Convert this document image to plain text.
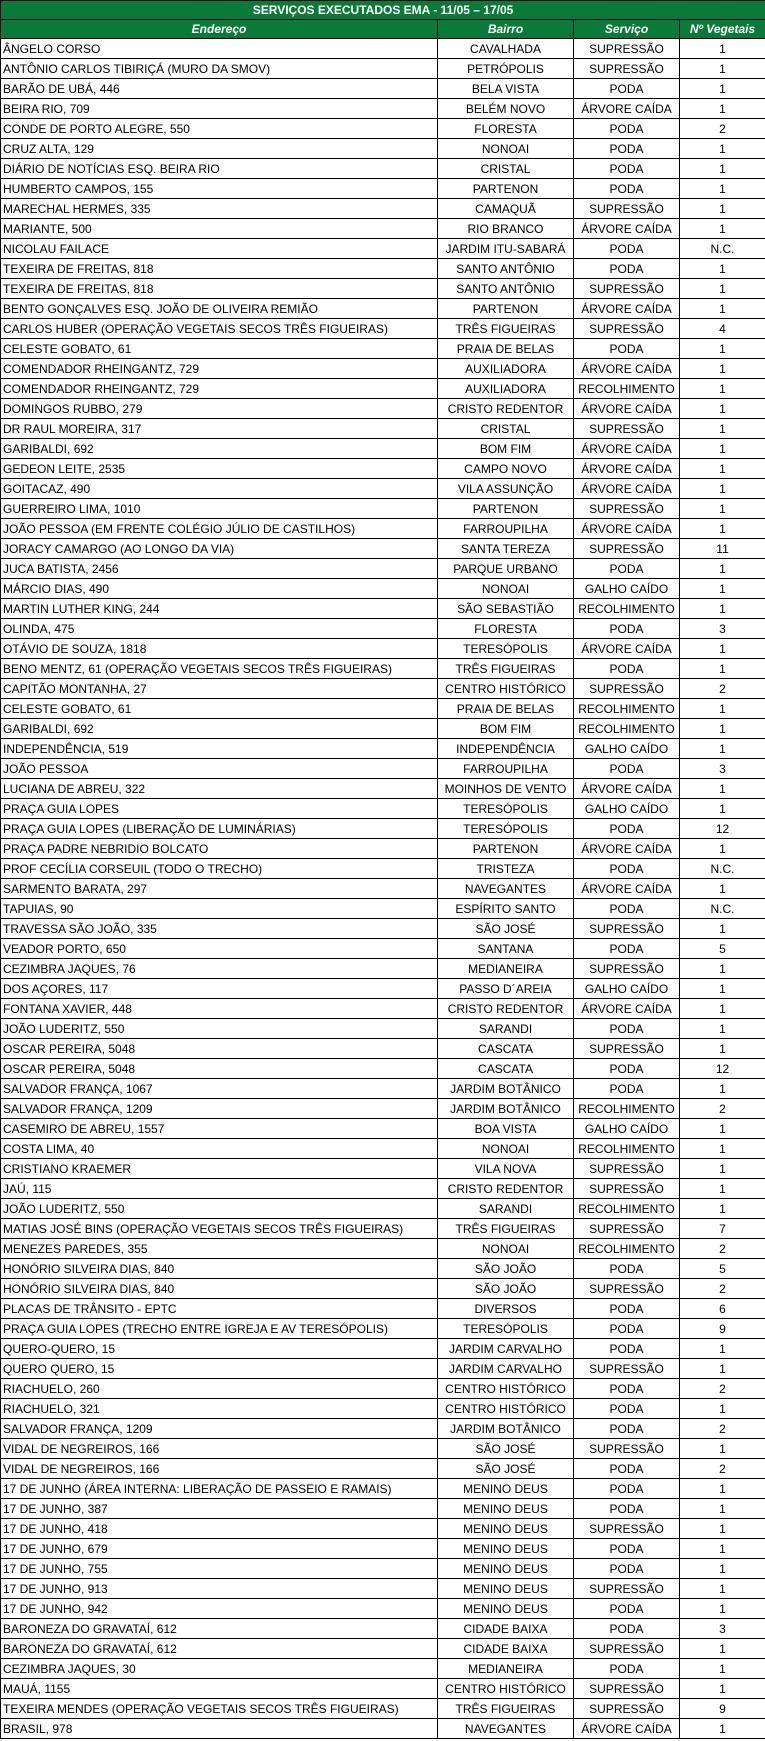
SERVIÇOS EXECUTADOS EMA - 11/05 – 17/05			
Endereço	Bairro	Serviço	Nº Vegetais
ÂNGELO CORSO	CAVALHADA	SUPRESSÃO	1
ANTÔNIO CARLOS TIBIRIÇÁ (MURO DA SMOV)	PETRÓPOLIS	SUPRESSÃO	1
BARÃO DE UBÁ, 446	BELA VISTA	PODA	1
BEIRA RIO, 709	BELÉM NOVO	ÁRVORE CAÍDA	1
CONDE DE PORTO ALEGRE, 550	FLORESTA	PODA	2
CRUZ ALTA, 129	NONOAI	PODA	1
DIÁRIO DE NOTÍCIAS ESQ. BEIRA RIO	CRISTAL	PODA	1
HUMBERTO CAMPOS, 155	PARTENON	PODA	1
MARECHAL HERMES, 335	CAMAQUÃ	SUPRESSÃO	1
MARIANTE, 500	RIO BRANCO	ÁRVORE CAÍDA	1
NICOLAU FAILACE	JARDIM ITU-SABARÁ	PODA	N.C.
TEXEIRA DE FREITAS, 818	SANTO ANTÔNIO	PODA	1
TEXEIRA DE FREITAS, 818	SANTO ANTÔNIO	SUPRESSÃO	1
BENTO GONÇALVES ESQ. JOÃO DE OLIVEIRA REMIÃO	PARTENON	ÁRVORE CAÍDA	1
CARLOS HUBER (OPERAÇÃO VEGETAIS SECOS TRÊS FIGUEIRAS)	TRÊS FIGUEIRAS	SUPRESSÃO	4
CELESTE GOBATO, 61	PRAIA DE BELAS	PODA	1
COMENDADOR RHEINGANTZ, 729	AUXILIADORA	ÁRVORE CAÍDA	1
COMENDADOR RHEINGANTZ, 729	AUXILIADORA	RECOLHIMENTO	1
DOMINGOS RUBBO, 279	CRISTO REDENTOR	ÁRVORE CAÍDA	1
DR RAUL MOREIRA, 317	CRISTAL	SUPRESSÃO	1
GARIBALDI, 692	BOM FIM	ÁRVORE CAÍDA	1
GEDEON LEITE, 2535	CAMPO NOVO	ÁRVORE CAÍDA	1
GOITACAZ, 490	VILA ASSUNÇÃO	ÁRVORE CAÍDA	1
GUERREIRO LIMA, 1010	PARTENON	SUPRESSÃO	1
JOÃO PESSOA (EM FRENTE COLÉGIO JÚLIO DE CASTILHOS)	FARROUPILHA	ÁRVORE CAÍDA	1
JORACY CAMARGO (AO LONGO DA VIA)	SANTA TEREZA	SUPRESSÃO	11
JUCA BATISTA, 2456	PARQUE URBANO	PODA	1
MÁRCIO DIAS, 490	NONOAI	GALHO CAÍDO	1
MARTIN LUTHER KING, 244	SÃO SEBASTIÃO	RECOLHIMENTO	1
OLINDA, 475	FLORESTA	PODA	3
OTÁVIO DE SOUZA, 1818	TERESÓPOLIS	ÁRVORE CAÍDA	1
BENO MENTZ, 61 (OPERAÇÃO VEGETAIS SECOS TRÊS FIGUEIRAS)	TRÊS FIGUEIRAS	PODA	1
CAPITÃO MONTANHA, 27	CENTRO HISTÓRICO	SUPRESSÃO	2
CELESTE GOBATO, 61	PRAIA DE BELAS	RECOLHIMENTO	1
GARIBALDI, 692	BOM FIM	RECOLHIMENTO	1
INDEPENDÊNCIA, 519	INDEPENDÊNCIA	GALHO CAÍDO	1
JOÃO PESSOA	FARROUPILHA	PODA	3
LUCIANA DE ABREU, 322	MOINHOS DE VENTO	ÁRVORE CAÍDA	1
PRAÇA GUIA LOPES	TERESÓPOLIS	GALHO CAÍDO	1
PRAÇA GUIA LOPES (LIBERAÇÃO DE LUMINÁRIAS)	TERESÓPOLIS	PODA	12
PRAÇA PADRE NEBRIDIO BOLCATO	PARTENON	ÁRVORE CAÍDA	1
PROF CECÍLIA CORSEUIL (TODO O TRECHO)	TRISTEZA	PODA	N.C.
SARMENTO BARATA, 297	NAVEGANTES	ÁRVORE CAÍDA	1
TAPUIAS, 90	ESPÍRITO SANTO	PODA	N.C.
TRAVESSA SÃO JOÃO, 335	SÃO JOSÉ	SUPRESSÃO	1
VEADOR PORTO, 650	SANTANA	PODA	5
CEZIMBRA JAQUES, 76	MEDIANEIRA	SUPRESSÃO	1
DOS AÇORES, 117	PASSO D´AREIA	GALHO CAÍDO	1
FONTANA XAVIER, 448	CRISTO REDENTOR	ÁRVORE CAÍDA	1
JOÃO LUDERITZ, 550	SARANDI	PODA	1
OSCAR PEREIRA, 5048	CASCATA	SUPRESSÃO	1
OSCAR PEREIRA, 5048	CASCATA	PODA	12
SALVADOR FRANÇA, 1067	JARDIM BOTÂNICO	PODA	1
SALVADOR FRANÇA, 1209	JARDIM BOTÂNICO	RECOLHIMENTO	2
CASEMIRO DE ABREU, 1557	BOA VISTA	GALHO CAÍDO	1
COSTA LIMA, 40	NONOAI	RECOLHIMENTO	1
CRISTIANO KRAEMER	VILA NOVA	SUPRESSÃO	1
JAÚ, 115	CRISTO REDENTOR	SUPRESSÃO	1
JOÃO LUDERITZ, 550	SARANDI	RECOLHIMENTO	1
MATIAS JOSÉ BINS (OPERAÇÃO VEGETAIS SECOS TRÊS FIGUEIRAS)	TRÊS FIGUEIRAS	SUPRESSÃO	7
MENEZES PAREDES, 355	NONOAI	RECOLHIMENTO	2
HONÓRIO SILVEIRA DIAS, 840	SÃO JOÃO	PODA	5
HONÓRIO SILVEIRA DIAS, 840	SÃO JOÃO	SUPRESSÃO	2
PLACAS DE TRÂNSITO - EPTC	DIVERSOS	PODA	6
PRAÇA GUIA LOPES (TRECHO ENTRE IGREJA E AV TERESÓPOLIS)	TERESÓPOLIS	PODA	9
QUERO-QUERO, 15	JARDIM CARVALHO	PODA	1
QUERO QUERO, 15	JARDIM CARVALHO	SUPRESSÃO	1
RIACHUELO, 260	CENTRO HISTÓRICO	PODA	2
RIACHUELO, 321	CENTRO HISTÓRICO	PODA	1
SALVADOR FRANÇA, 1209	JARDIM BOTÂNICO	PODA	2
VIDAL DE NEGREIROS, 166	SÃO JOSÉ	SUPRESSÃO	1
VIDAL DE NEGREIROS, 166	SÃO JOSÉ	PODA	2
17 DE JUNHO (ÁREA INTERNA: LIBERAÇÃO DE PASSEIO E RAMAIS)	MENINO DEUS	PODA	1
17 DE JUNHO, 387	MENINO DEUS	PODA	1
17 DE JUNHO, 418	MENINO DEUS	SUPRESSÃO	1
17 DE JUNHO, 679	MENINO DEUS	PODA	1
17 DE JUNHO, 755	MENINO DEUS	PODA	1
17 DE JUNHO, 913	MENINO DEUS	SUPRESSÃO	1
17 DE JUNHO, 942	MENINO DEUS	PODA	1
BARONEZA DO GRAVATAÍ, 612	CIDADE BAIXA	PODA	3
BARONEZA DO GRAVATAÍ, 612	CIDADE BAIXA	SUPRESSÃO	1
CEZIMBRA JAQUES, 30	MEDIANEIRA	PODA	1
MAUÁ, 1155	CENTRO HISTÓRICO	SUPRESSÃO	1
TEXEIRA MENDES (OPERAÇÃO VEGETAIS SECOS TRÊS FIGUEIRAS)	TRÊS FIGUEIRAS	SUPRESSÃO	9
BRASIL, 978	NAVEGANTES	ÁRVORE CAÍDA	1
